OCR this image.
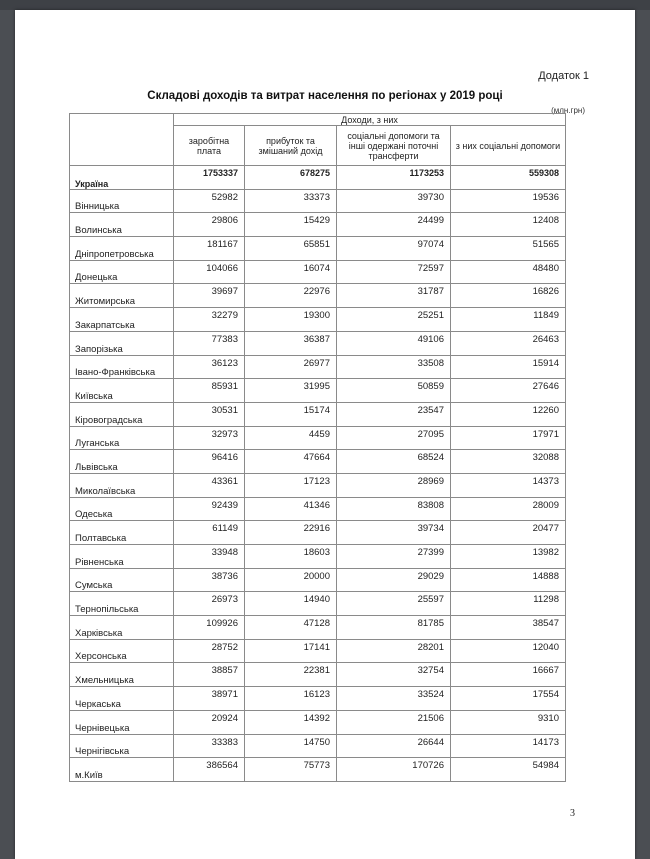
Додаток 1
Складові доходів та витрат населення по регіонах у 2019 році
(млн.грн)
	Доходи, з них			
	заробітна плата	прибуток та змішаний дохід	соціальні допомоги та інші одержані поточні трансферти	з них соціальні допомоги
Україна	1753337	678275	1173253	559308
Вінницька	52982	33373	39730	19536
Волинська	29806	15429	24499	12408
Дніпропетровська	181167	65851	97074	51565
Донецька	104066	16074	72597	48480
Житомирська	39697	22976	31787	16826
Закарпатська	32279	19300	25251	11849
Запорізька	77383	36387	49106	26463
Івано-Франківська	36123	26977	33508	15914
Київська	85931	31995	50859	27646
Кіровоградська	30531	15174	23547	12260
Луганська	32973	4459	27095	17971
Львівська	96416	47664	68524	32088
Миколаївська	43361	17123	28969	14373
Одеська	92439	41346	83808	28009
Полтавська	61149	22916	39734	20477
Рівненська	33948	18603	27399	13982
Сумська	38736	20000	29029	14888
Тернопільська	26973	14940	25597	11298
Харківська	109926	47128	81785	38547
Херсонська	28752	17141	28201	12040
Хмельницька	38857	22381	32754	16667
Черкаська	38971	16123	33524	17554
Чернівецька	20924	14392	21506	9310
Чернігівська	33383	14750	26644	14173
м.Київ	386564	75773	170726	54984
3
